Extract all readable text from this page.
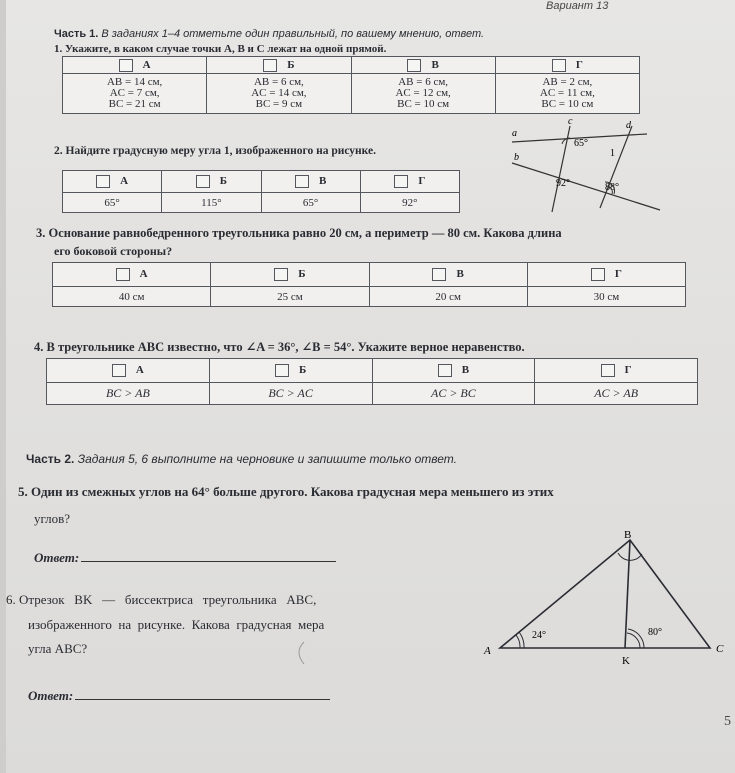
Вариант 13
Часть 1. В заданиях 1–4 отметьте один правильный, по вашему мнению, ответ.
1. Укажите, в каком случае точки A, B и C лежат на одной прямой.
А	Б	В	Г

AB = 14 см,
AC = 7 см,
BC = 21 см	AB = 6 см,
AC = 14 см,
BC = 9 см	AB = 6 см,
AC = 12 см,
BC = 10 см	AB = 2 см,
AC = 11 см,
BC = 10 см
2. Найдите градусную меру угла 1, изображенного на рисунке.
А	Б	В	Г
65°	115°	65°	92°
a
b
c	d
65°
92°	88°
1
3. Основание равнобедренного треугольника равно 20 см, а периметр — 80 см. Какова длина
его боковой стороны?
А	Б	В	Г
40 см	25 см	20 см	30 см
4. В треугольнике ABC известно, что ∠A = 36°, ∠B = 54°. Укажите верное неравенство.
А	Б	В	Г
BC > AB	BC > AC	AC > BC	AC > AB
Часть 2. Задания 5, 6 выполните на черновике и запишите только ответ.
5. Один из смежных углов на 64° больше другого. Какова градусная мера меньшего из этих
углов?
Ответ:
6. Отрезок   BK   —   биссектриса   треугольника   ABC,
изображенного  на  рисунке.  Какова  градусная  мера
угла ABC?
Ответ:
B
A	C
K
24°	80°
5
